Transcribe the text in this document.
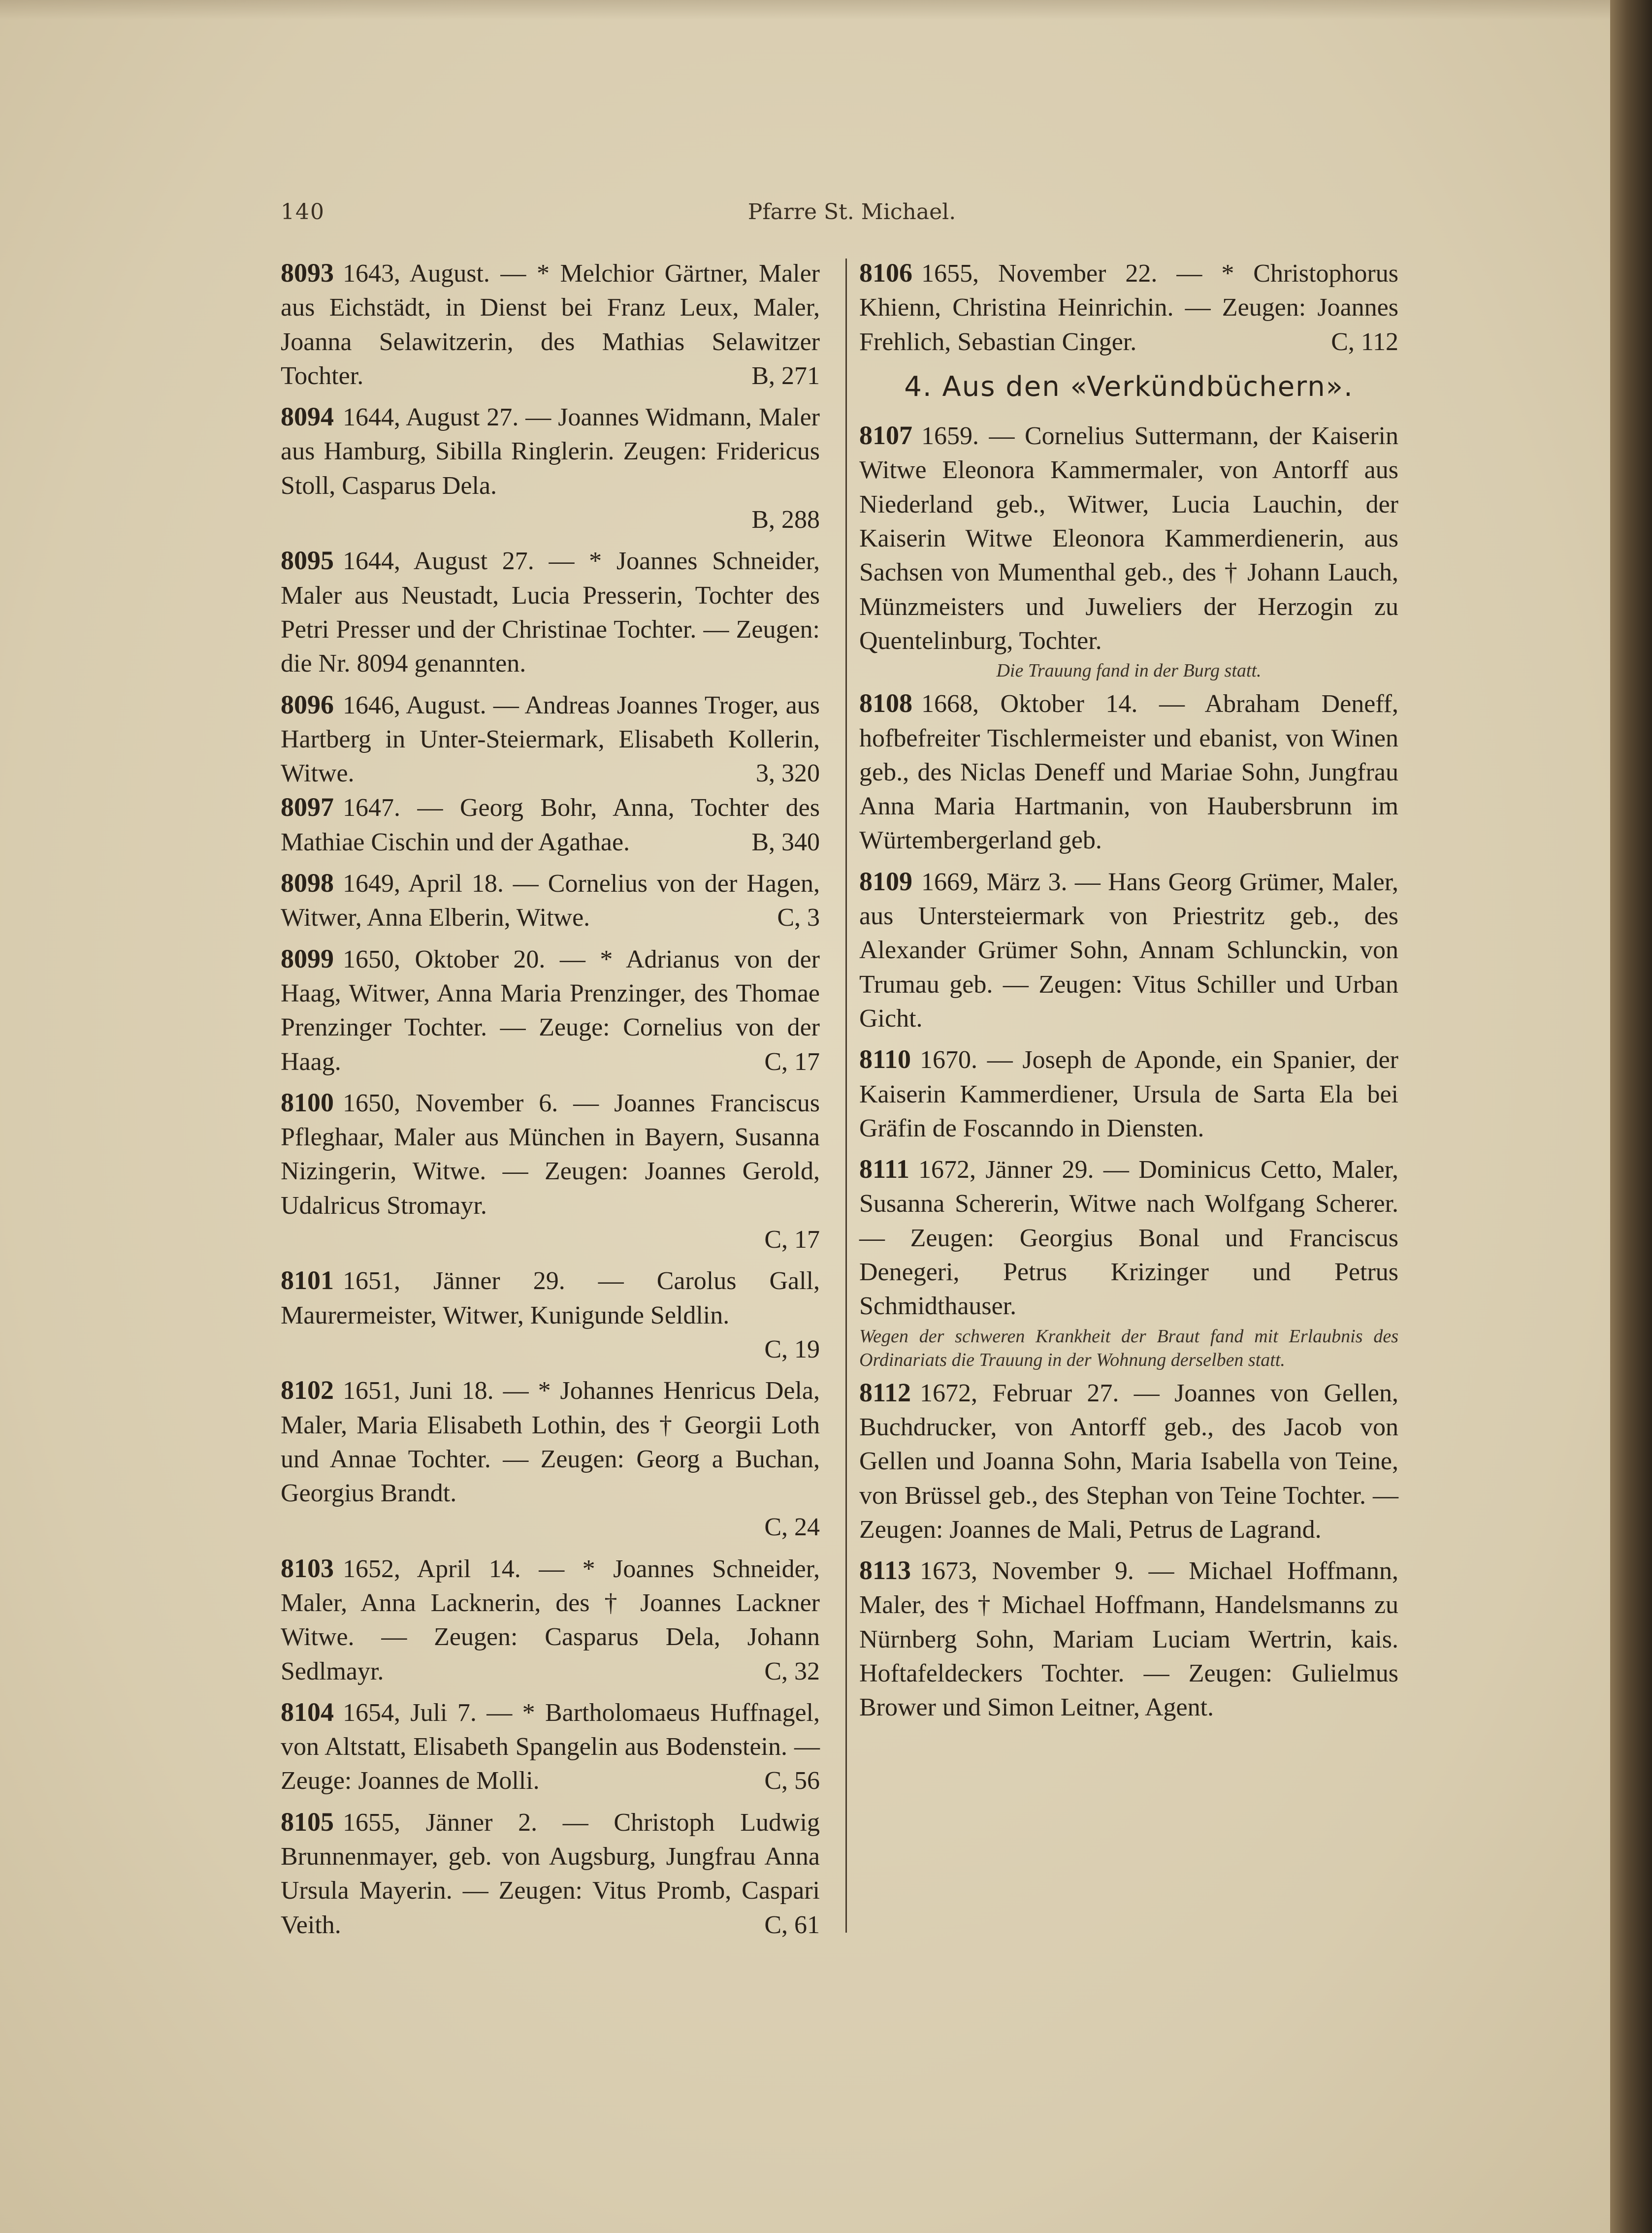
140	Pfarre St. Michael.
8093 1643, August. — * Melchior Gärtner, Maler aus Eichstädt, in Dienst bei Franz Leux, Maler, Joanna Selawitzerin, des Mathias Selawitzer Tochter.	B, 271
8094 1644, August 27. — Joannes Widmann, Maler aus Hamburg, Sibilla Ringlerin. Zeugen: Fridericus Stoll, Casparus Dela.
B, 288
8095 1644, August 27. — * Joannes Schneider, Maler aus Neustadt, Lucia Presserin, Tochter des Petri Presser und der Christinae Tochter. — Zeugen: die Nr. 8094 genannten.
8096 1646, August. — Andreas Joannes Troger, aus Hartberg in Unter-Steiermark, Elisabeth Kollerin, Witwe.	3, 320
8097 1647. — Georg Bohr, Anna, Tochter des Mathiae Cischin und der Agathae.	B, 340
8098 1649, April 18. — Cornelius von der Hagen, Witwer, Anna Elberin, Witwe.	C, 3
8099 1650, Oktober 20. — * Adrianus von der Haag, Witwer, Anna Maria Prenzinger, des Thomae Prenzinger Tochter. — Zeuge: Cornelius von der Haag.	C, 17
8100 1650, November 6. — Joannes Franciscus Pfleghaar, Maler aus München in Bayern, Susanna Nizingerin, Witwe. — Zeugen: Joannes Gerold, Udalricus Stromayr.
C, 17
8101 1651, Jänner 29. — Carolus Gall, Maurermeister, Witwer, Kunigunde Seldlin.
C, 19
8102 1651, Juni 18. — * Johannes Henricus Dela, Maler, Maria Elisabeth Lothin, des † Georgii Loth und Annae Tochter. — Zeugen: Georg a Buchan, Georgius Brandt.
C, 24
8103 1652, April 14. — * Joannes Schneider, Maler, Anna Lacknerin, des † Joannes Lackner Witwe. — Zeugen: Casparus Dela, Johann Sedlmayr.	C, 32
8104 1654, Juli 7. — * Bartholomaeus Huffnagel, von Altstatt, Elisabeth Spangelin aus Bodenstein. — Zeuge: Joannes de Molli.	C, 56
8105 1655, Jänner 2. — Christoph Ludwig Brunnenmayer, geb. von Augsburg, Jungfrau Anna Ursula Mayerin. — Zeugen: Vitus Promb, Caspari Veith.	C, 61
8106 1655, November 22. — * Christophorus Khienn, Christina Heinrichin. — Zeugen: Joannes Frehlich, Sebastian Cinger.	C, 112
4. Aus den «Verkündbüchern».
8107 1659. — Cornelius Suttermann, der Kaiserin Witwe Eleonora Kammermaler, von Antorff aus Niederland geb., Witwer, Lucia Lauchin, der Kaiserin Witwe Eleonora Kammerdienerin, aus Sachsen von Mumenthal geb., des † Johann Lauch, Münzmeisters und Juweliers der Herzogin zu Quentelinburg, Tochter.
Die Trauung fand in der Burg statt.
8108 1668, Oktober 14. — Abraham Deneff, hofbefreiter Tischlermeister und ebanist, von Winen geb., des Niclas Deneff und Mariae Sohn, Jungfrau Anna Maria Hartmanin, von Haubersbrunn im Würtembergerland geb.
8109 1669, März 3. — Hans Georg Grümer, Maler, aus Untersteiermark von Priestritz geb., des Alexander Grümer Sohn, Annam Schlunckin, von Trumau geb. — Zeugen: Vitus Schiller und Urban Gicht.
8110 1670. — Joseph de Aponde, ein Spanier, der Kaiserin Kammerdiener, Ursula de Sarta Ela bei Gräfin de Foscanndo in Diensten.
8111 1672, Jänner 29. — Dominicus Cetto, Maler, Susanna Schererin, Witwe nach Wolfgang Scherer. — Zeugen: Georgius Bonal und Franciscus Denegeri, Petrus Krizinger und Petrus Schmidthauser.
Wegen der schweren Krankheit der Braut fand mit Erlaubnis des Ordinariats die Trauung in der Wohnung derselben statt.
8112 1672, Februar 27. — Joannes von Gellen, Buchdrucker, von Antorff geb., des Jacob von Gellen und Joanna Sohn, Maria Isabella von Teine, von Brüssel geb., des Stephan von Teine Tochter. — Zeugen: Joannes de Mali, Petrus de Lagrand.
8113 1673, November 9. — Michael Hoffmann, Maler, des † Michael Hoffmann, Handelsmanns zu Nürnberg Sohn, Mariam Luciam Wertrin, kais. Hoftafeldeckers Tochter. — Zeugen: Gulielmus Brower und Simon Leitner, Agent.
